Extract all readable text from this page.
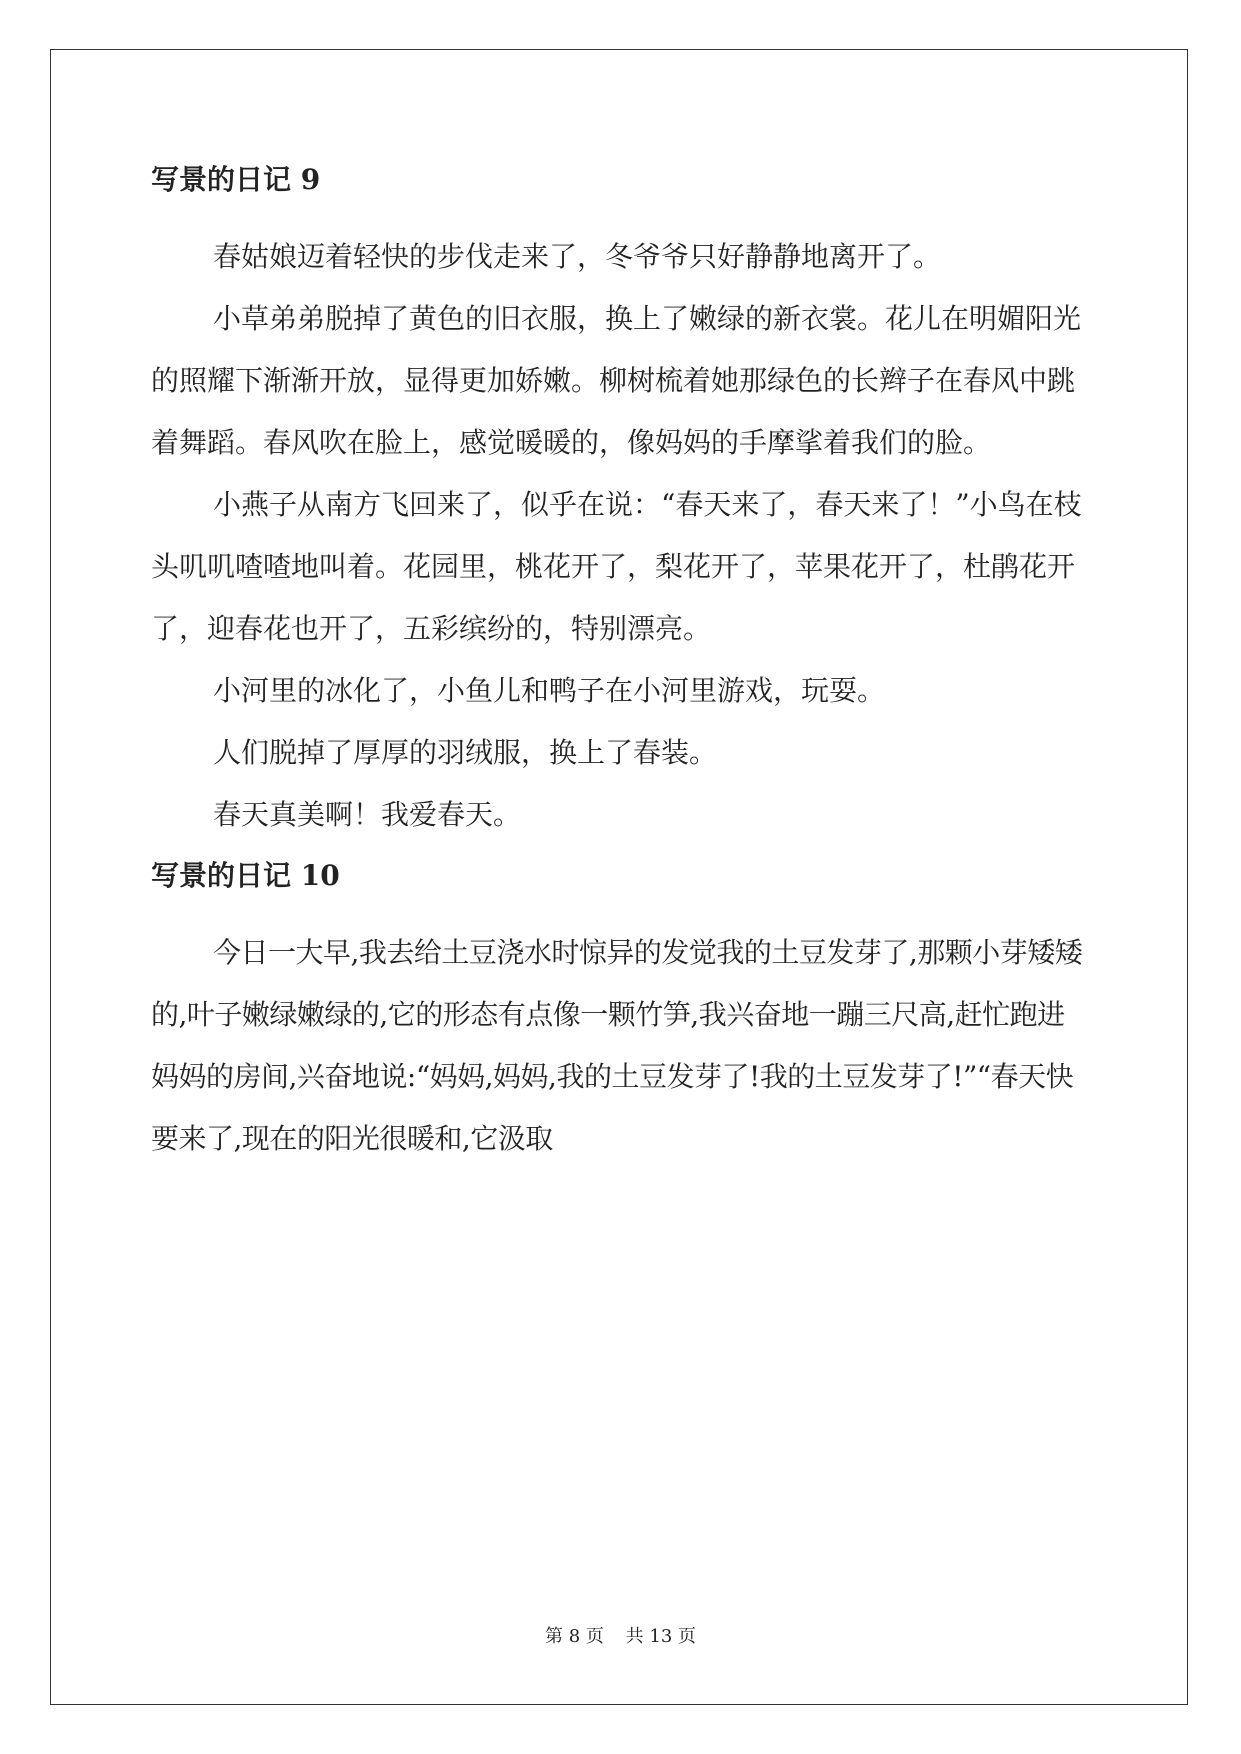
写景的日记 9

春姑娘迈着轻快的步伐走来了，冬爷爷只好静静地离开了。

小草弟弟脱掉了黄色的旧衣服，换上了嫩绿的新衣裳。花儿在明媚阳光的照耀下渐渐开放，显得更加娇嫩。柳树梳着她那绿色的长辫子在春风中跳着舞蹈。春风吹在脸上，感觉暖暖的，像妈妈的手摩挲着我们的脸。

小燕子从南方飞回来了，似乎在说：“春天来了，春天来了！”小鸟在枝头叽叽喳喳地叫着。花园里，桃花开了，梨花开了，苹果花开了，杜鹃花开了，迎春花也开了，五彩缤纷的，特别漂亮。

小河里的冰化了，小鱼儿和鸭子在小河里游戏，玩耍。

人们脱掉了厚厚的羽绒服，换上了春装。

春天真美啊！我爱春天。

写景的日记 10

今日一大早,我去给土豆浇水时惊异的发觉我的土豆发芽了,那颗小芽矮矮的,叶子嫩绿嫩绿的,它的形态有点像一颗竹笋,我兴奋地一蹦三尺高,赶忙跑进妈妈的房间,兴奋地说:“妈妈,妈妈,我的土豆发芽了!我的土豆发芽了!”“春天快要来了,现在的阳光很暖和,它汲取

第 8 页 共 13 页
